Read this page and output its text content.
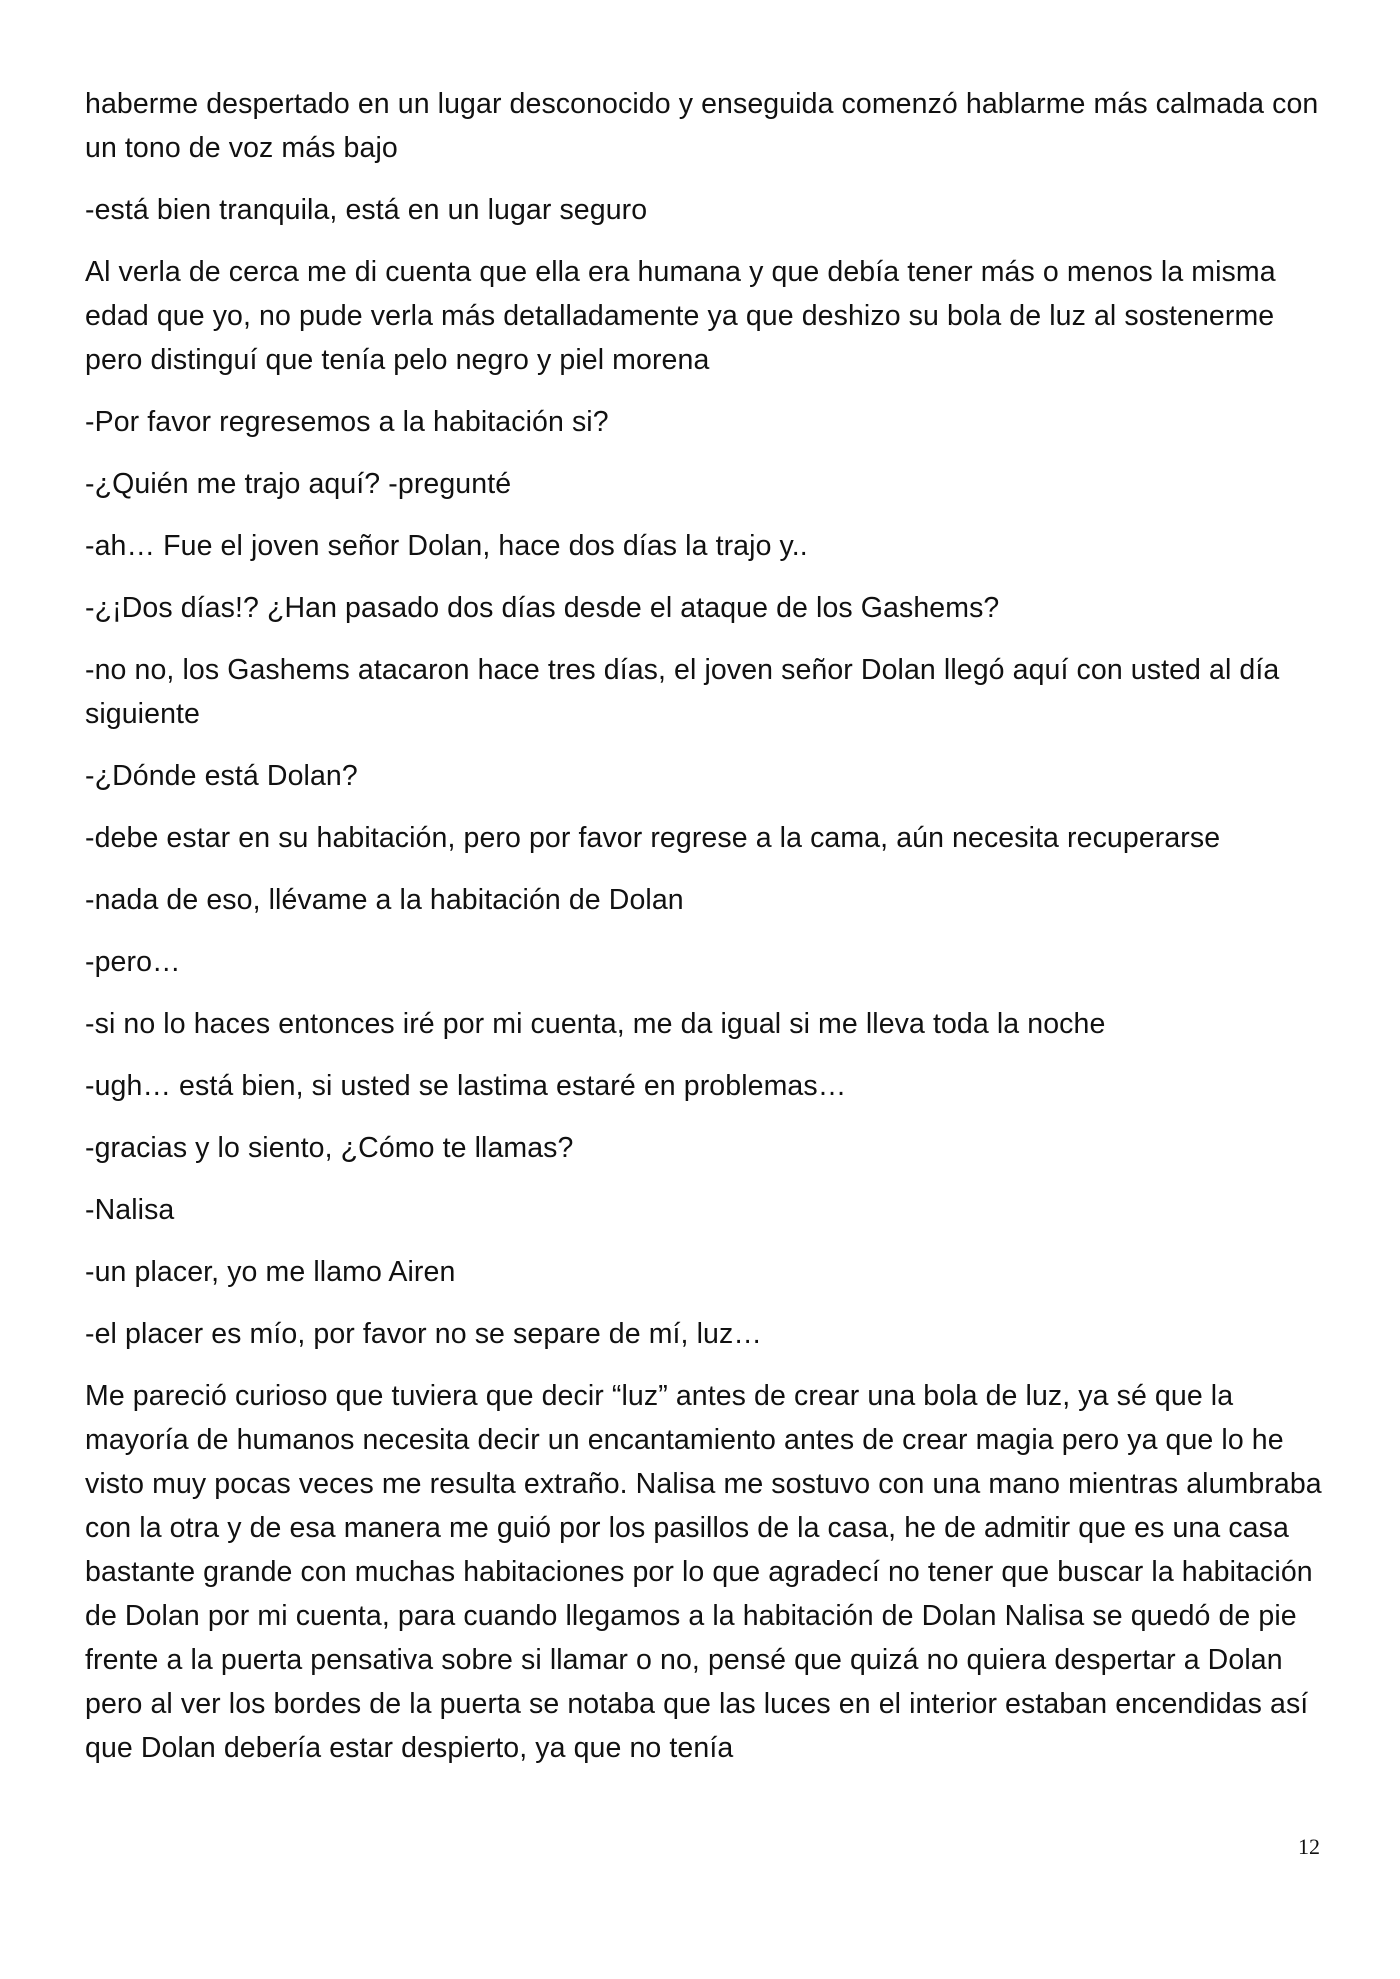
haberme despertado en un lugar desconocido y enseguida comenzó hablarme más calmada con un tono de voz más bajo

-está bien tranquila, está en un lugar seguro

Al verla de cerca me di cuenta que ella era humana y que debía tener más o menos la misma edad que yo, no pude verla más detalladamente ya que deshizo su bola de luz al sostenerme pero distinguí que tenía pelo negro y piel morena

-Por favor regresemos a la habitación si?

-¿Quién me trajo aquí? -pregunté

-ah… Fue el joven señor Dolan, hace dos días la trajo y..

-¿¡Dos días!? ¿Han pasado dos días desde el ataque de los Gashems?

-no no, los Gashems atacaron hace tres días, el joven señor Dolan llegó aquí con usted al día siguiente

-¿Dónde está Dolan?

-debe estar en su habitación, pero por favor regrese a la cama, aún necesita recuperarse

-nada de eso, llévame a la habitación de Dolan

-pero…

-si no lo haces entonces iré por mi cuenta, me da igual si me lleva toda la noche

-ugh… está bien, si usted se lastima estaré en problemas…

-gracias y lo siento, ¿Cómo te llamas?

-Nalisa

-un placer, yo me llamo Airen

-el placer es mío, por favor no se separe de mí, luz…

Me pareció curioso que tuviera que decir “luz” antes de crear una bola de luz, ya sé que la mayoría de humanos necesita decir un encantamiento antes de crear magia pero ya que lo he visto muy pocas veces me resulta extraño. Nalisa me sostuvo con una mano mientras alumbraba con la otra y de esa manera me guió por los pasillos de la casa, he de admitir que es una casa bastante grande con muchas habitaciones por lo que agradecí no tener que buscar la habitación de Dolan por mi cuenta, para cuando llegamos a la habitación de Dolan Nalisa se quedó de pie frente a la puerta pensativa sobre si llamar o no, pensé que quizá no quiera despertar a Dolan pero al ver los bordes de la puerta se notaba que las luces en el interior estaban encendidas así que Dolan debería estar despierto, ya que no tenía

12
